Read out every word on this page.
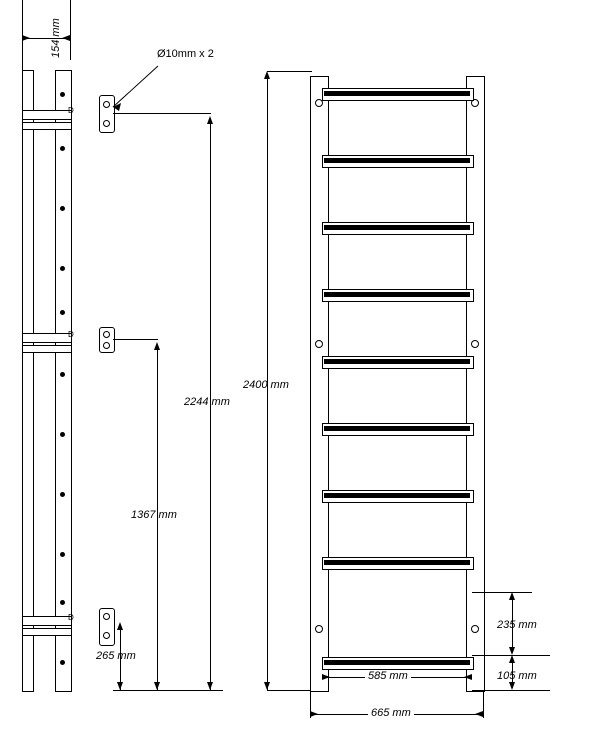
154 mm
D
D
D
Ø10mm x 2
2244 mm
1367 mm
265 mm
2400 mm
235 mm
105 mm
585 mm
665 mm
